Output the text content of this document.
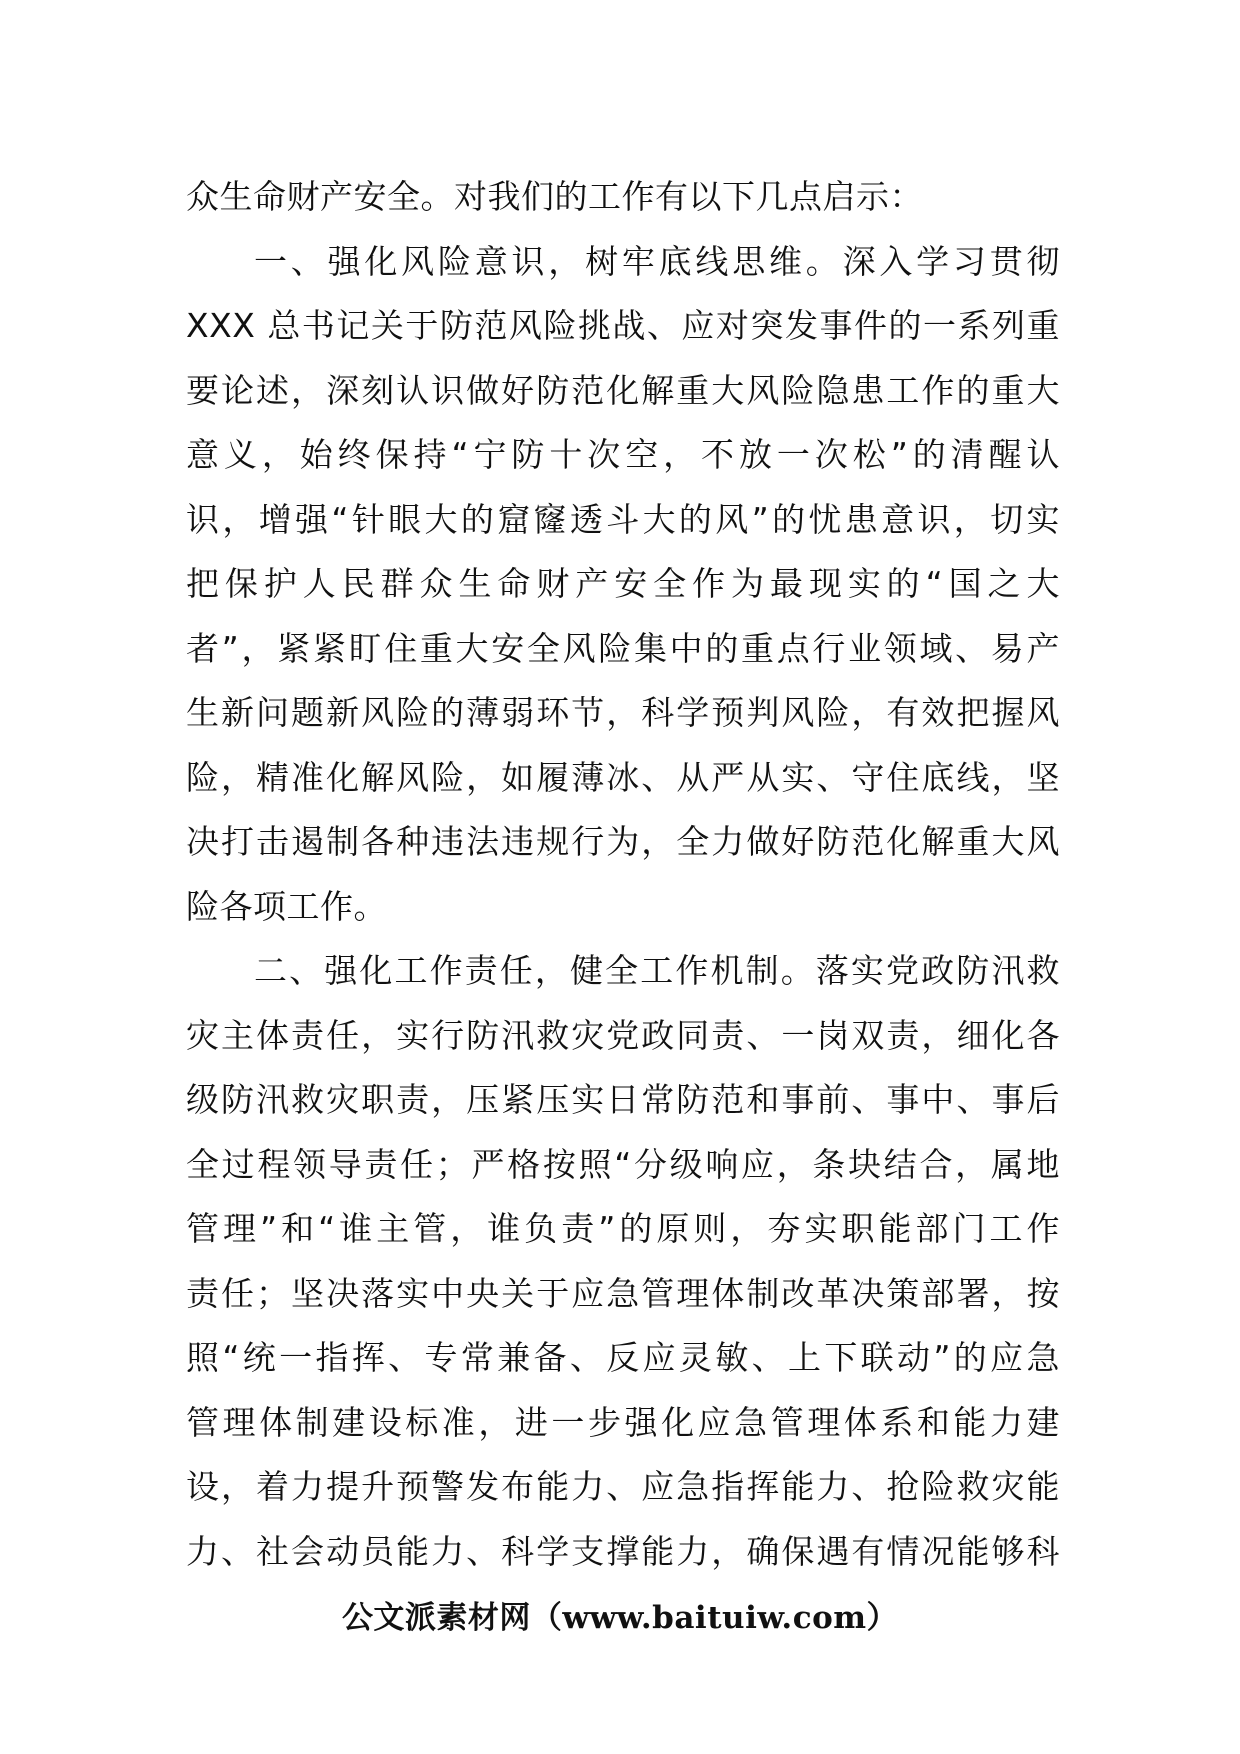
众生命财产安全。对我们的工作有以下几点启示：
一、强化风险意识，树牢底线思维。深入学习贯彻
XXX 总书记关于防范风险挑战、应对突发事件的一系列重
要论述，深刻认识做好防范化解重大风险隐患工作的重大
意义，始终保持“宁防十次空，不放一次松”的清醒认
识，增强“针眼大的窟窿透斗大的风”的忧患意识，切实
把保护人民群众生命财产安全作为最现实的“国之大
者”，紧紧盯住重大安全风险集中的重点行业领域、易产
生新问题新风险的薄弱环节，科学预判风险，有效把握风
险，精准化解风险，如履薄冰、从严从实、守住底线，坚
决打击遏制各种违法违规行为，全力做好防范化解重大风
险各项工作。
二、强化工作责任，健全工作机制。落实党政防汛救
灾主体责任，实行防汛救灾党政同责、一岗双责，细化各
级防汛救灾职责，压紧压实日常防范和事前、事中、事后
全过程领导责任；严格按照“分级响应，条块结合，属地
管理”和“谁主管，谁负责”的原则，夯实职能部门工作
责任；坚决落实中央关于应急管理体制改革决策部署，按
照“统一指挥、专常兼备、反应灵敏、上下联动”的应急
管理体制建设标准，进一步强化应急管理体系和能力建
设，着力提升预警发布能力、应急指挥能力、抢险救灾能
力、社会动员能力、科学支撑能力，确保遇有情况能够科
公文派素材网（www.baituiw.com）
